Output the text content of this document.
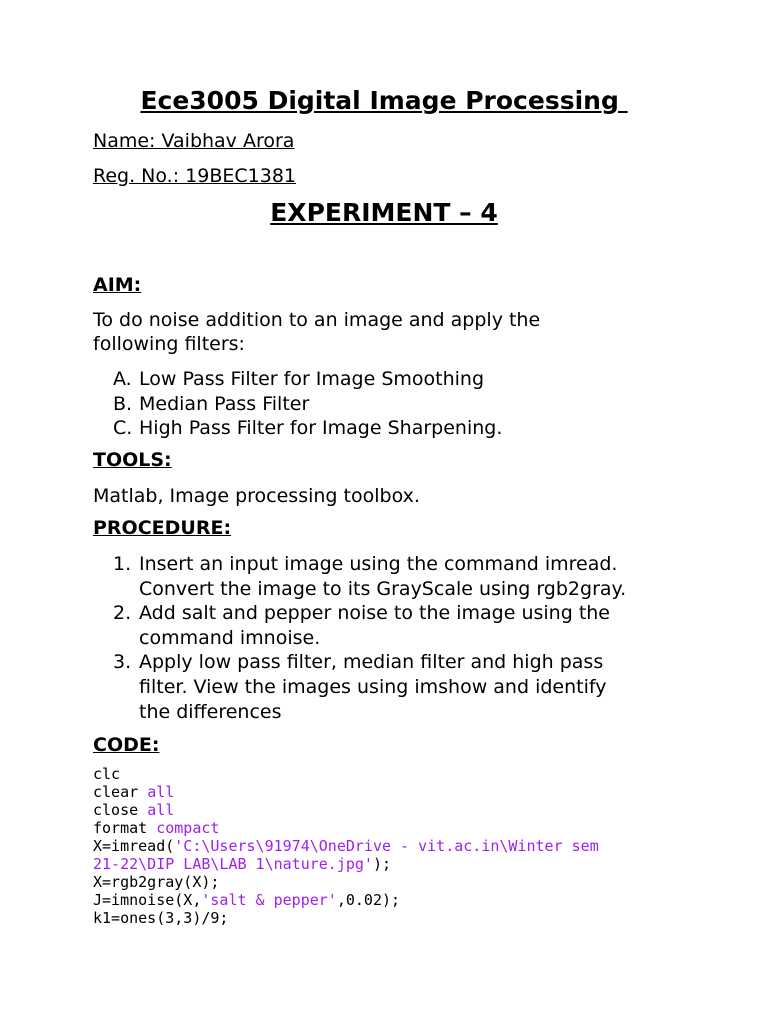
Ece3005 Digital Image Processing

Name: Vaibhav Arora

Reg. No.: 19BEC1381

EXPERIMENT – 4
AIM:

To do noise addition to an image and apply the

following filters:

A. Low Pass Filter for Image Smoothing
B. Median Pass Filter
C. High Pass Filter for Image Sharpening.
TOOLS:

Matlab, Image processing toolbox.

PROCEDURE:
1. Insert an input image using the command imread.
Convert the image to its GrayScale using rgb2gray.
2. Add salt and pepper noise to the image using the
command imnoise.
3. Apply low pass filter, median filter and high pass
filter. View the images using imshow and identify
the differences
CODE:
clc
clear all
close all
format compact
X=imread('C:\Users\91974\OneDrive - vit.ac.in\Winter sem
21-22\DIP LAB\LAB 1\nature.jpg');
X=rgb2gray(X);
J=imnoise(X,'salt & pepper',0.02);
k1=ones(3,3)/9;
